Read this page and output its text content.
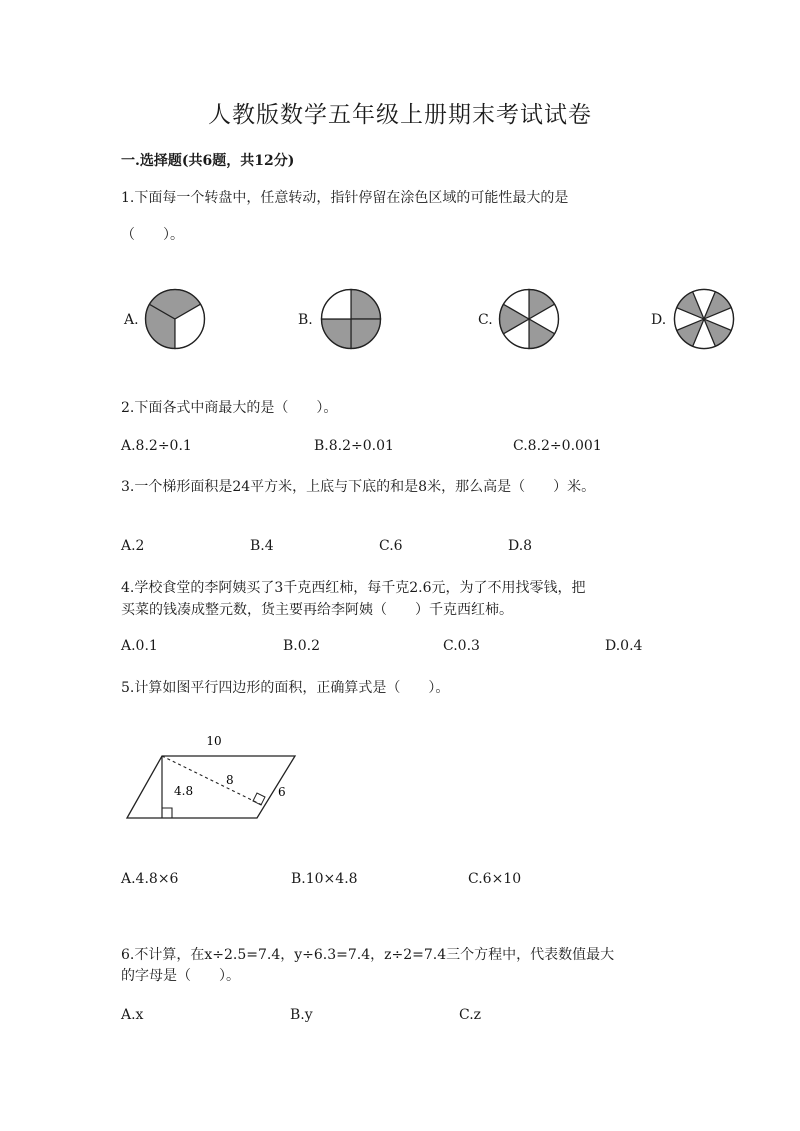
人教版数学五年级上册期末考试试卷
一.选择题(共6题，共12分)
1.下面每一个转盘中，任意转动，指针停留在涂色区域的可能性最大的是
（　　）。
A.	B.	C.	D.
2.下面各式中商最大的是（　　）。
A.8.2÷0.1	B.8.2÷0.01	C.8.2÷0.001
3.一个梯形面积是24平方米，上底与下底的和是8米，那么高是（　　）米。
A.2	B.4	C.6	D.8
4.学校食堂的李阿姨买了3千克西红柿，每千克2.6元，为了不用找零钱，把
买菜的钱凑成整元数，货主要再给李阿姨（　　）千克西红柿。
A.0.1	B.0.2	C.0.3	D.0.4
5.计算如图平行四边形的面积，正确算式是（　　）。
10
4.8
8
6
A.4.8×6	B.10×4.8	C.6×10
6.不计算，在x÷2.5=7.4，y÷6.3=7.4，z÷2=7.4三个方程中，代表数值最大
的字母是（　　）。
A.x	B.y	C.z
